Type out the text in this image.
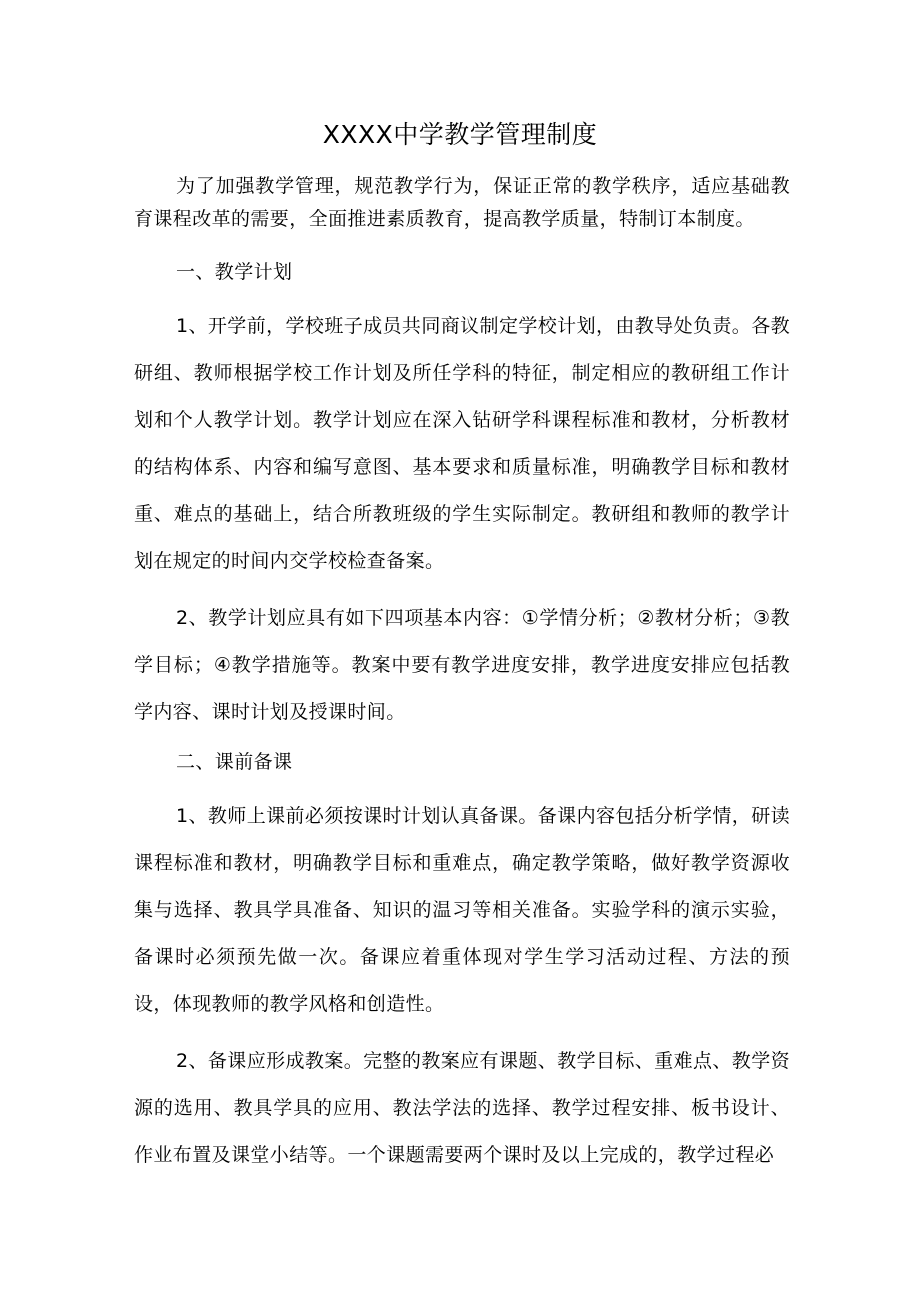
XXXX中学教学管理制度

为了加强教学管理，规范教学行为，保证正常的教学秩序，适应基础教育课程改革的需要，全面推进素质教育，提高教学质量，特制订本制度。

一、教学计划

1、开学前，学校班子成员共同商议制定学校计划，由教导处负责。各教研组、教师根据学校工作计划及所任学科的特征，制定相应的教研组工作计划和个人教学计划。教学计划应在深入钻研学科课程标准和教材，分析教材的结构体系、内容和编写意图、基本要求和质量标准，明确教学目标和教材重、难点的基础上，结合所教班级的学生实际制定。教研组和教师的教学计划在规定的时间内交学校检查备案。

2、教学计划应具有如下四项基本内容：①学情分析；②教材分析；③教学目标；④教学措施等。教案中要有教学进度安排，教学进度安排应包括教学内容、课时计划及授课时间。

二、课前备课

1、教师上课前必须按课时计划认真备课。备课内容包括分析学情，研读课程标准和教材，明确教学目标和重难点，确定教学策略，做好教学资源收集与选择、教具学具准备、知识的温习等相关准备。实验学科的演示实验，备课时必须预先做一次。备课应着重体现对学生学习活动过程、方法的预设，体现教师的教学风格和创造性。

2、备课应形成教案。完整的教案应有课题、教学目标、重难点、教学资源的选用、教具学具的应用、教法学法的选择、教学过程安排、板书设计、作业布置及课堂小结等。一个课题需要两个课时及以上完成的，教学过程必
